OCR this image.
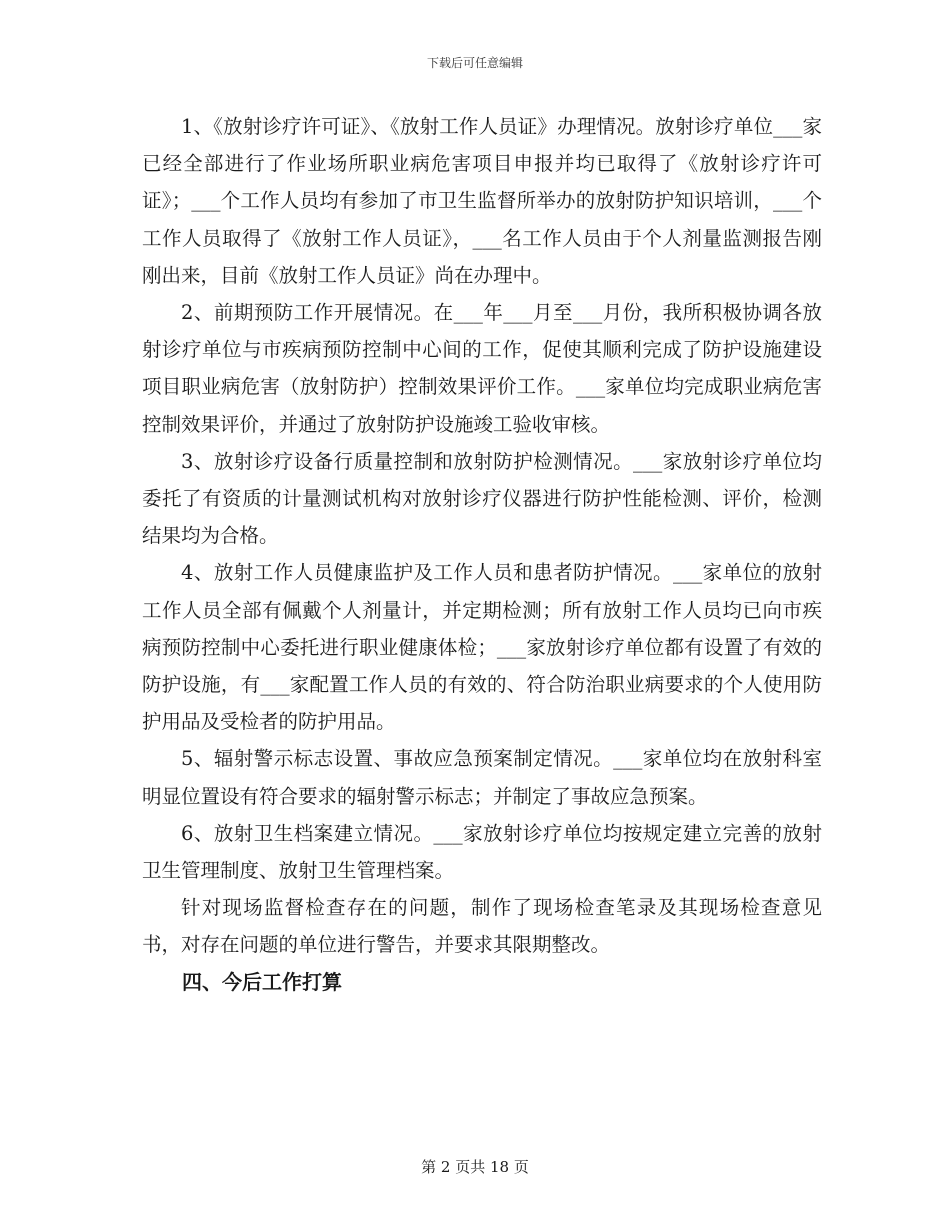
下载后可任意编辑

1、《放射诊疗许可证》、《放射工作人员证》办理情况。放射诊疗单位___家已经全部进行了作业场所职业病危害项目申报并均已取得了《放射诊疗许可证》；___个工作人员均有参加了市卫生监督所举办的放射防护知识培训，___个工作人员取得了《放射工作人员证》，___名工作人员由于个人剂量监测报告刚刚出来，目前《放射工作人员证》尚在办理中。

2、前期预防工作开展情况。在___年___月至___月份，我所积极协调各放射诊疗单位与市疾病预防控制中心间的工作，促使其顺利完成了防护设施建设项目职业病危害（放射防护）控制效果评价工作。___家单位均完成职业病危害控制效果评价，并通过了放射防护设施竣工验收审核。

3、放射诊疗设备行质量控制和放射防护检测情况。___家放射诊疗单位均委托了有资质的计量测试机构对放射诊疗仪器进行防护性能检测、评价，检测结果均为合格。

4、放射工作人员健康监护及工作人员和患者防护情况。___家单位的放射工作人员全部有佩戴个人剂量计，并定期检测；所有放射工作人员均已向市疾病预防控制中心委托进行职业健康体检；___家放射诊疗单位都有设置了有效的防护设施，有___家配置工作人员的有效的、符合防治职业病要求的个人使用防护用品及受检者的防护用品。

5、辐射警示标志设置、事故应急预案制定情况。___家单位均在放射科室明显位置设有符合要求的辐射警示标志；并制定了事故应急预案。

6、放射卫生档案建立情况。___家放射诊疗单位均按规定建立完善的放射卫生管理制度、放射卫生管理档案。

针对现场监督检查存在的问题，制作了现场检查笔录及其现场检查意见书，对存在问题的单位进行警告，并要求其限期整改。

四、今后工作打算

第 2 页共 18 页
